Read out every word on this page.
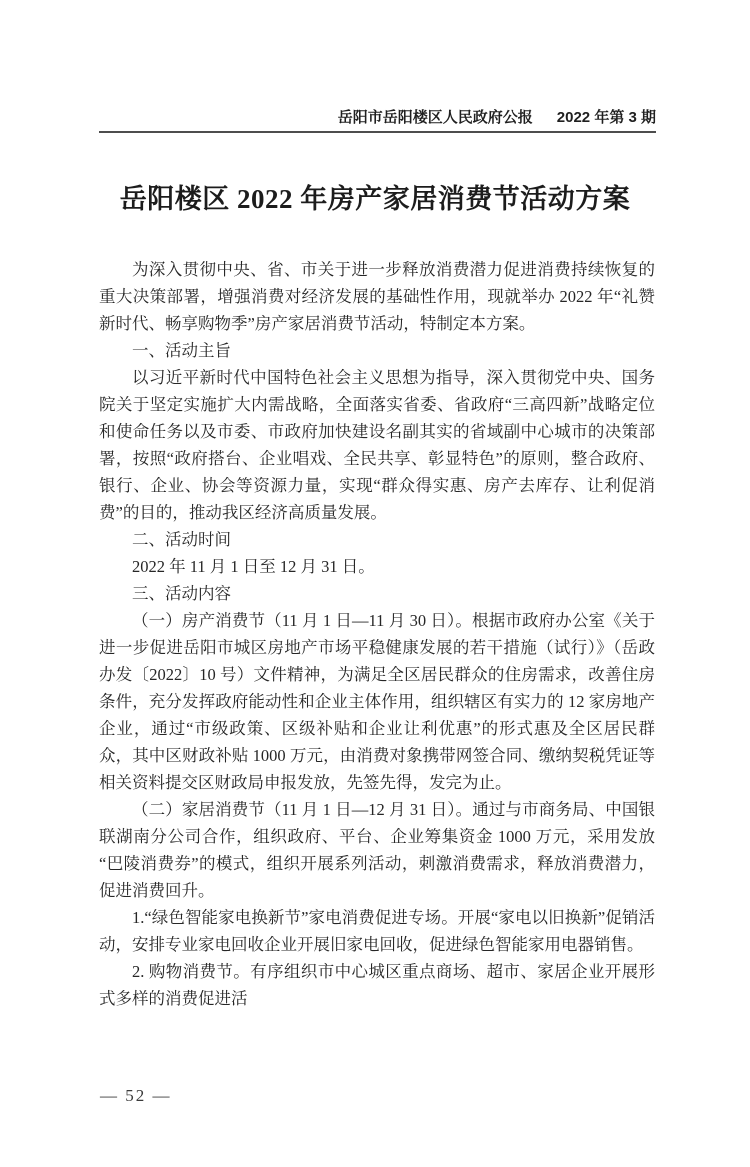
岳阳市岳阳楼区人民政府公报 2022 年第 3 期
岳阳楼区 2022 年房产家居消费节活动方案

为深入贯彻中央、省、市关于进一步释放消费潜力促进消费持续恢复的重大决策部署，增强消费对经济发展的基础性作用，现就举办 2022 年“礼赞新时代、畅享购物季”房产家居消费节活动，特制定本方案。

一、活动主旨

以习近平新时代中国特色社会主义思想为指导，深入贯彻党中央、国务院关于坚定实施扩大内需战略，全面落实省委、省政府“三高四新”战略定位和使命任务以及市委、市政府加快建设名副其实的省域副中心城市的决策部署，按照“政府搭台、企业唱戏、全民共享、彰显特色”的原则，整合政府、银行、企业、协会等资源力量，实现“群众得实惠、房产去库存、让利促消费”的目的，推动我区经济高质量发展。

二、活动时间

2022 年 11 月 1 日至 12 月 31 日。

三、活动内容

（一）房产消费节（11 月 1 日—11 月 30 日）。根据市政府办公室《关于进一步促进岳阳市城区房地产市场平稳健康发展的若干措施（试行）》（岳政办发〔2022〕10 号）文件精神，为满足全区居民群众的住房需求，改善住房条件，充分发挥政府能动性和企业主体作用，组织辖区有实力的 12 家房地产企业，通过“市级政策、区级补贴和企业让利优惠”的形式惠及全区居民群众，其中区财政补贴 1000 万元，由消费对象携带网签合同、缴纳契税凭证等相关资料提交区财政局申报发放，先签先得，发完为止。

（二）家居消费节（11 月 1 日—12 月 31 日）。通过与市商务局、中国银联湖南分公司合作，组织政府、平台、企业筹集资金 1000 万元，采用发放“巴陵消费券”的模式，组织开展系列活动，刺激消费需求，释放消费潜力，促进消费回升。

1.“绿色智能家电换新节”家电消费促进专场。开展“家电以旧换新”促销活动，安排专业家电回收企业开展旧家电回收，促进绿色智能家用电器销售。

2. 购物消费节。有序组织市中心城区重点商场、超市、家居企业开展形式多样的消费促进活

— 52 —
